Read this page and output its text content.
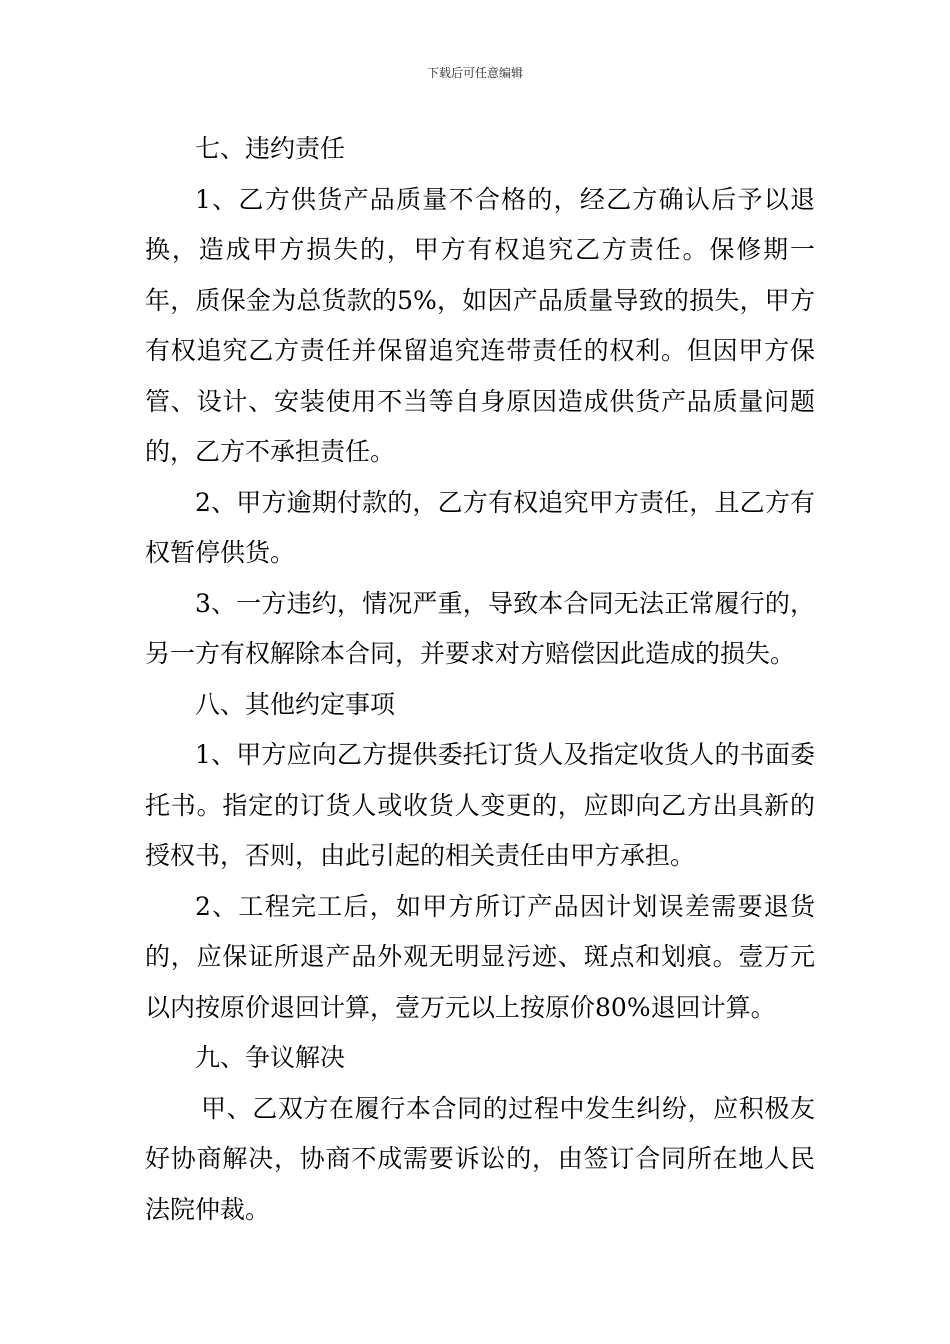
下载后可任意编辑

七、违约责任

1、乙方供货产品质量不合格的，经乙方确认后予以退换，造成甲方损失的，甲方有权追究乙方责任。保修期一年，质保金为总货款的5%，如因产品质量导致的损失，甲方有权追究乙方责任并保留追究连带责任的权利。但因甲方保管、设计、安装使用不当等自身原因造成供货产品质量问题的，乙方不承担责任。

2、甲方逾期付款的，乙方有权追究甲方责任，且乙方有权暂停供货。

3、一方违约，情况严重，导致本合同无法正常履行的，另一方有权解除本合同，并要求对方赔偿因此造成的损失。

八、其他约定事项

1、甲方应向乙方提供委托订货人及指定收货人的书面委托书。指定的订货人或收货人变更的，应即向乙方出具新的授权书，否则，由此引起的相关责任由甲方承担。

2、工程完工后，如甲方所订产品因计划误差需要退货的，应保证所退产品外观无明显污迹、斑点和划痕。壹万元以内按原价退回计算，壹万元以上按原价80%退回计算。

九、争议解决

甲、乙双方在履行本合同的过程中发生纠纷，应积极友好协商解决，协商不成需要诉讼的，由签订合同所在地人民法院仲裁。
